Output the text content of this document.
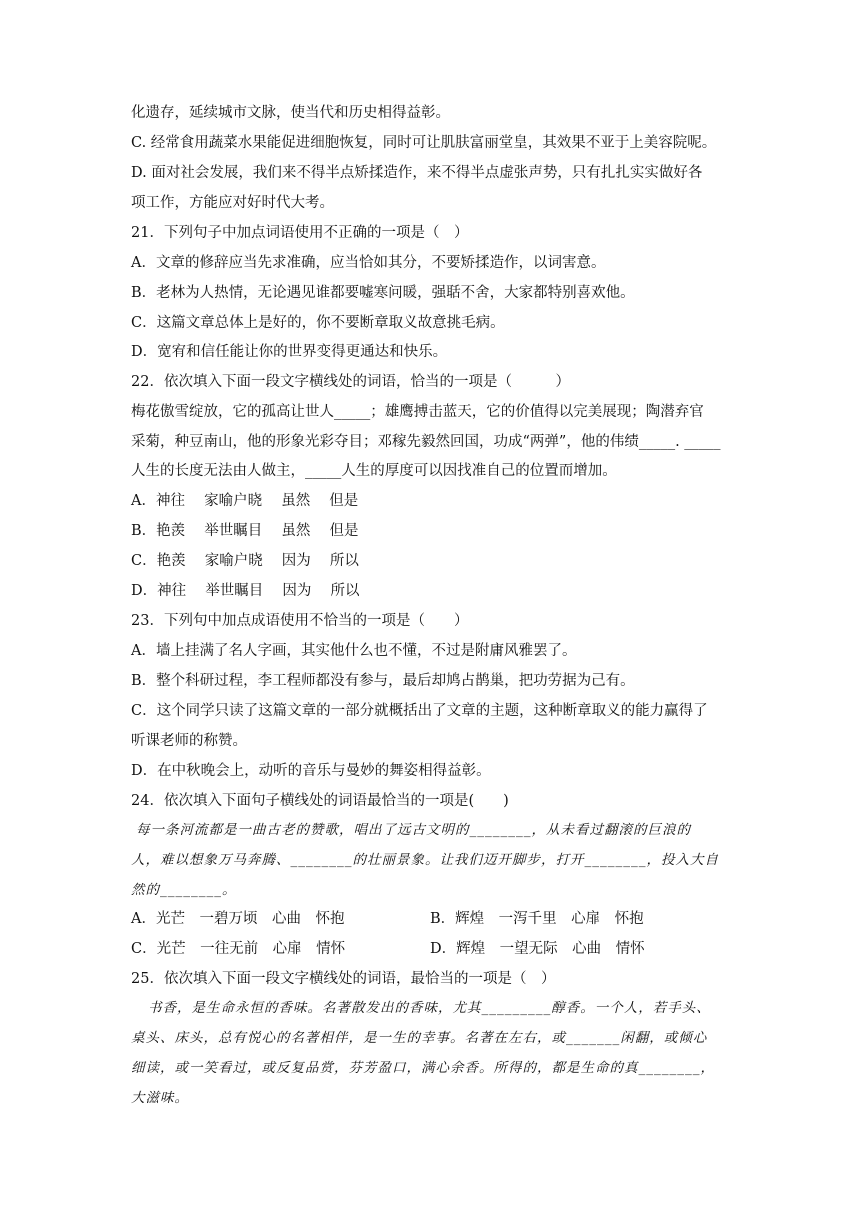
化遗存，延续城市文脉，使当代和历史相得益彰。
C. 经常食用蔬菜水果能促进细胞恢复，同时可让肌肤富丽堂皇，其效果不亚于上美容院呢。
D. 面对社会发展，我们来不得半点矫揉造作，来不得半点虚张声势，只有扎扎实实做好各
项工作，方能应对好时代大考。
21．下列句子中加点词语使用不正确的一项是（　）
A．文章的修辞应当先求准确，应当恰如其分，不要矫揉造作，以词害意。
B．老林为人热情，无论遇见谁都要嘘寒问暖，强聒不舍，大家都特别喜欢他。
C．这篇文章总体上是好的，你不要断章取义故意挑毛病。
D．宽宥和信任能让你的世界变得更通达和快乐。
22．依次填入下面一段文字横线处的词语，恰当的一项是（　　　）
梅花傲雪绽放，它的孤高让世人_____；雄鹰搏击蓝天，它的价值得以完美展现；陶潜弃官
采菊，种豆南山，他的形象光彩夺目；邓稼先毅然回国，功成“两弹”，他的伟绩_____. _____
人生的长度无法由人做主，_____人生的厚度可以因找准自己的位置而增加。
A．神往　 家喻户晓　 虽然　 但是
B．艳羡　 举世瞩目　 虽然　 但是
C．艳羡　 家喻户晓　 因为　 所以
D．神往　 举世瞩目　 因为　 所以
23．下列句中加点成语使用不恰当的一项是（　　）
A．墙上挂满了名人字画，其实他什么也不懂，不过是附庸风雅罢了。
B．整个科研过程，李工程师都没有参与，最后却鸠占鹊巢，把功劳据为己有。
C．这个同学只读了这篇文章的一部分就概括出了文章的主题，这种断章取义的能力赢得了
听课老师的称赞。
D．在中秋晚会上，动听的音乐与曼妙的舞姿相得益彰。
24．依次填入下面句子横线处的词语最恰当的一项是(　　)
每一条河流都是一曲古老的赞歌，唱出了远古文明的________，从未看过翻滚的巨浪的
人，难以想象万马奔腾、________的壮丽景象。让我们迈开脚步，打开________，投入大自
然的________。
A．光芒　一碧万顷　心曲　怀抱	B．辉煌　一泻千里　心扉　怀抱
C．光芒　一往无前　心扉　情怀	D．辉煌　一望无际　心曲　情怀
25．依次填入下面一段文字横线处的词语，最恰当的一项是（　）
书香，是生命永恒的香味。名著散发出的香味，尤其_________醇香。一个人，若手头、
桌头、床头，总有悦心的名著相伴，是一生的幸事。名著在左右，或_______闲翻，或倾心
细读，或一笑看过，或反复品赏，芬芳盈口，满心余香。所得的，都是生命的真________，
大滋味。
